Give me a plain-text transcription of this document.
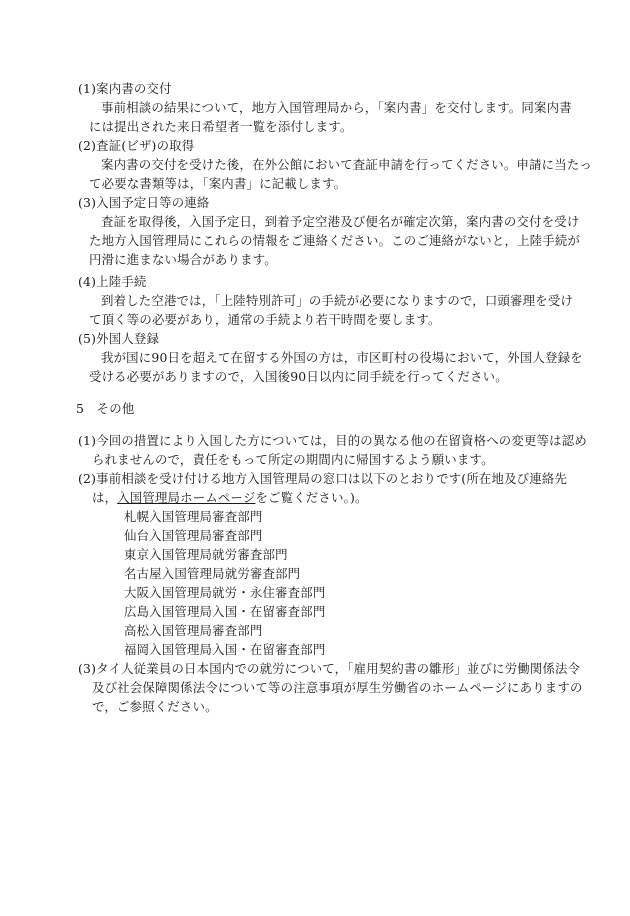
(1)案内書の交付
事前相談の結果について，地方入国管理局から，「案内書」を交付します。同案内書
には提出された来日希望者一覧を添付します。
(2)査証(ビザ)の取得
案内書の交付を受けた後，在外公館において査証申請を行ってください。申請に当たっ
て必要な書類等は，「案内書」に記載します。
(3)入国予定日等の連絡
査証を取得後，入国予定日，到着予定空港及び便名が確定次第，案内書の交付を受け
た地方入国管理局にこれらの情報をご連絡ください。このご連絡がないと，上陸手続が
円滑に進まない場合があります。
(4)上陸手続
到着した空港では，「上陸特別許可」の手続が必要になりますので，口頭審理を受け
て頂く等の必要があり，通常の手続より若干時間を要します。
(5)外国人登録
我が国に90日を超えて在留する外国の方は，市区町村の役場において，外国人登録を
受ける必要がありますので，入国後90日以内に同手続を行ってください。
5　その他
(1)今回の措置により入国した方については，目的の異なる他の在留資格への変更等は認め
られませんので，責任をもって所定の期間内に帰国するよう願います。
(2)事前相談を受け付ける地方入国管理局の窓口は以下のとおりです(所在地及び連絡先
は，入国管理局ホームページをご覧ください。)。
札幌入国管理局審査部門
仙台入国管理局審査部門
東京入国管理局就労審査部門
名古屋入国管理局就労審査部門
大阪入国管理局就労・永住審査部門
広島入国管理局入国・在留審査部門
高松入国管理局審査部門
福岡入国管理局入国・在留審査部門
(3)タイ人従業員の日本国内での就労について，「雇用契約書の雛形」並びに労働関係法令
及び社会保障関係法令について等の注意事項が厚生労働省のホームページにありますの
で，ご参照ください。
